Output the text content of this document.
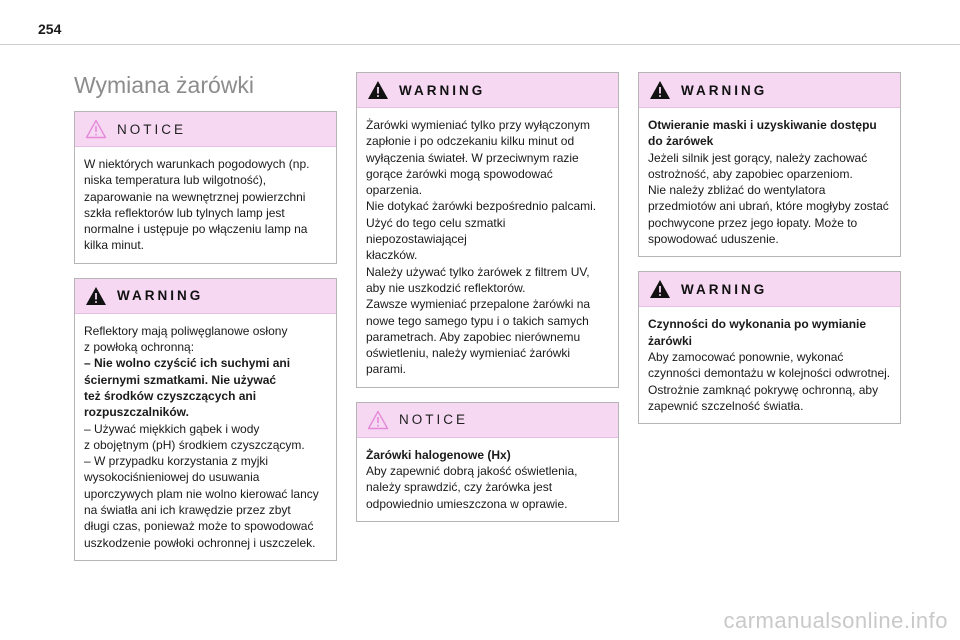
254
Wymiana żarówki
NOTICE

W niektórych warunkach pogodowych (np.

niska temperatura lub wilgotność),

zaparowanie na wewnętrznej powierzchni

szkła reflektorów lub tylnych lamp jest

normalne i ustępuje po włączeniu lamp na

kilka minut.

WARNING

Reflektory mają poliwęglanowe osłony

z powłoką ochronną:

– Nie wolno czyścić ich suchymi ani

ściernymi szmatkami. Nie używać

też środków czyszczących ani

rozpuszczalników.

– Używać miękkich gąbek i wody

z obojętnym (pH) środkiem czyszczącym.

– W przypadku korzystania z myjki

wysokociśnieniowej do usuwania

uporczywych plam nie wolno kierować lancy

na światła ani ich krawędzie przez zbyt

długi czas, ponieważ może to spowodować

uszkodzenie powłoki ochronnej i uszczelek.

WARNING

Żarówki wymieniać tylko przy wyłączonym

zapłonie i po odczekaniu kilku minut od

wyłączenia świateł. W przeciwnym razie

gorące żarówki mogą spowodować

oparzenia.

Nie dotykać żarówki bezpośrednio palcami.

Użyć do tego celu szmatki niepozostawiającej

kłaczków.

Należy używać tylko żarówek z filtrem UV,

aby nie uszkodzić reflektorów.

Zawsze wymieniać przepalone żarówki na

nowe tego samego typu i o takich samych

parametrach. Aby zapobiec nierównemu

oświetleniu, należy wymieniać żarówki

parami.

NOTICE

Żarówki halogenowe (Hx)

Aby zapewnić dobrą jakość oświetlenia,

należy sprawdzić, czy żarówka jest

odpowiednio umieszczona w oprawie.

WARNING

Otwieranie maski i uzyskiwanie dostępu

do żarówek

Jeżeli silnik jest gorący, należy zachować

ostrożność, aby zapobiec oparzeniom.

Nie należy zbliżać do wentylatora

przedmiotów ani ubrań, które mogłyby zostać

pochwycone przez jego łopaty. Może to

spowodować uduszenie.

WARNING

Czynności do wykonania po wymianie

żarówki

Aby zamocować ponownie, wykonać

czynności demontażu w kolejności odwrotnej.

Ostrożnie zamknąć pokrywę ochronną, aby

zapewnić szczelność światła.

carmanualsonline.info
